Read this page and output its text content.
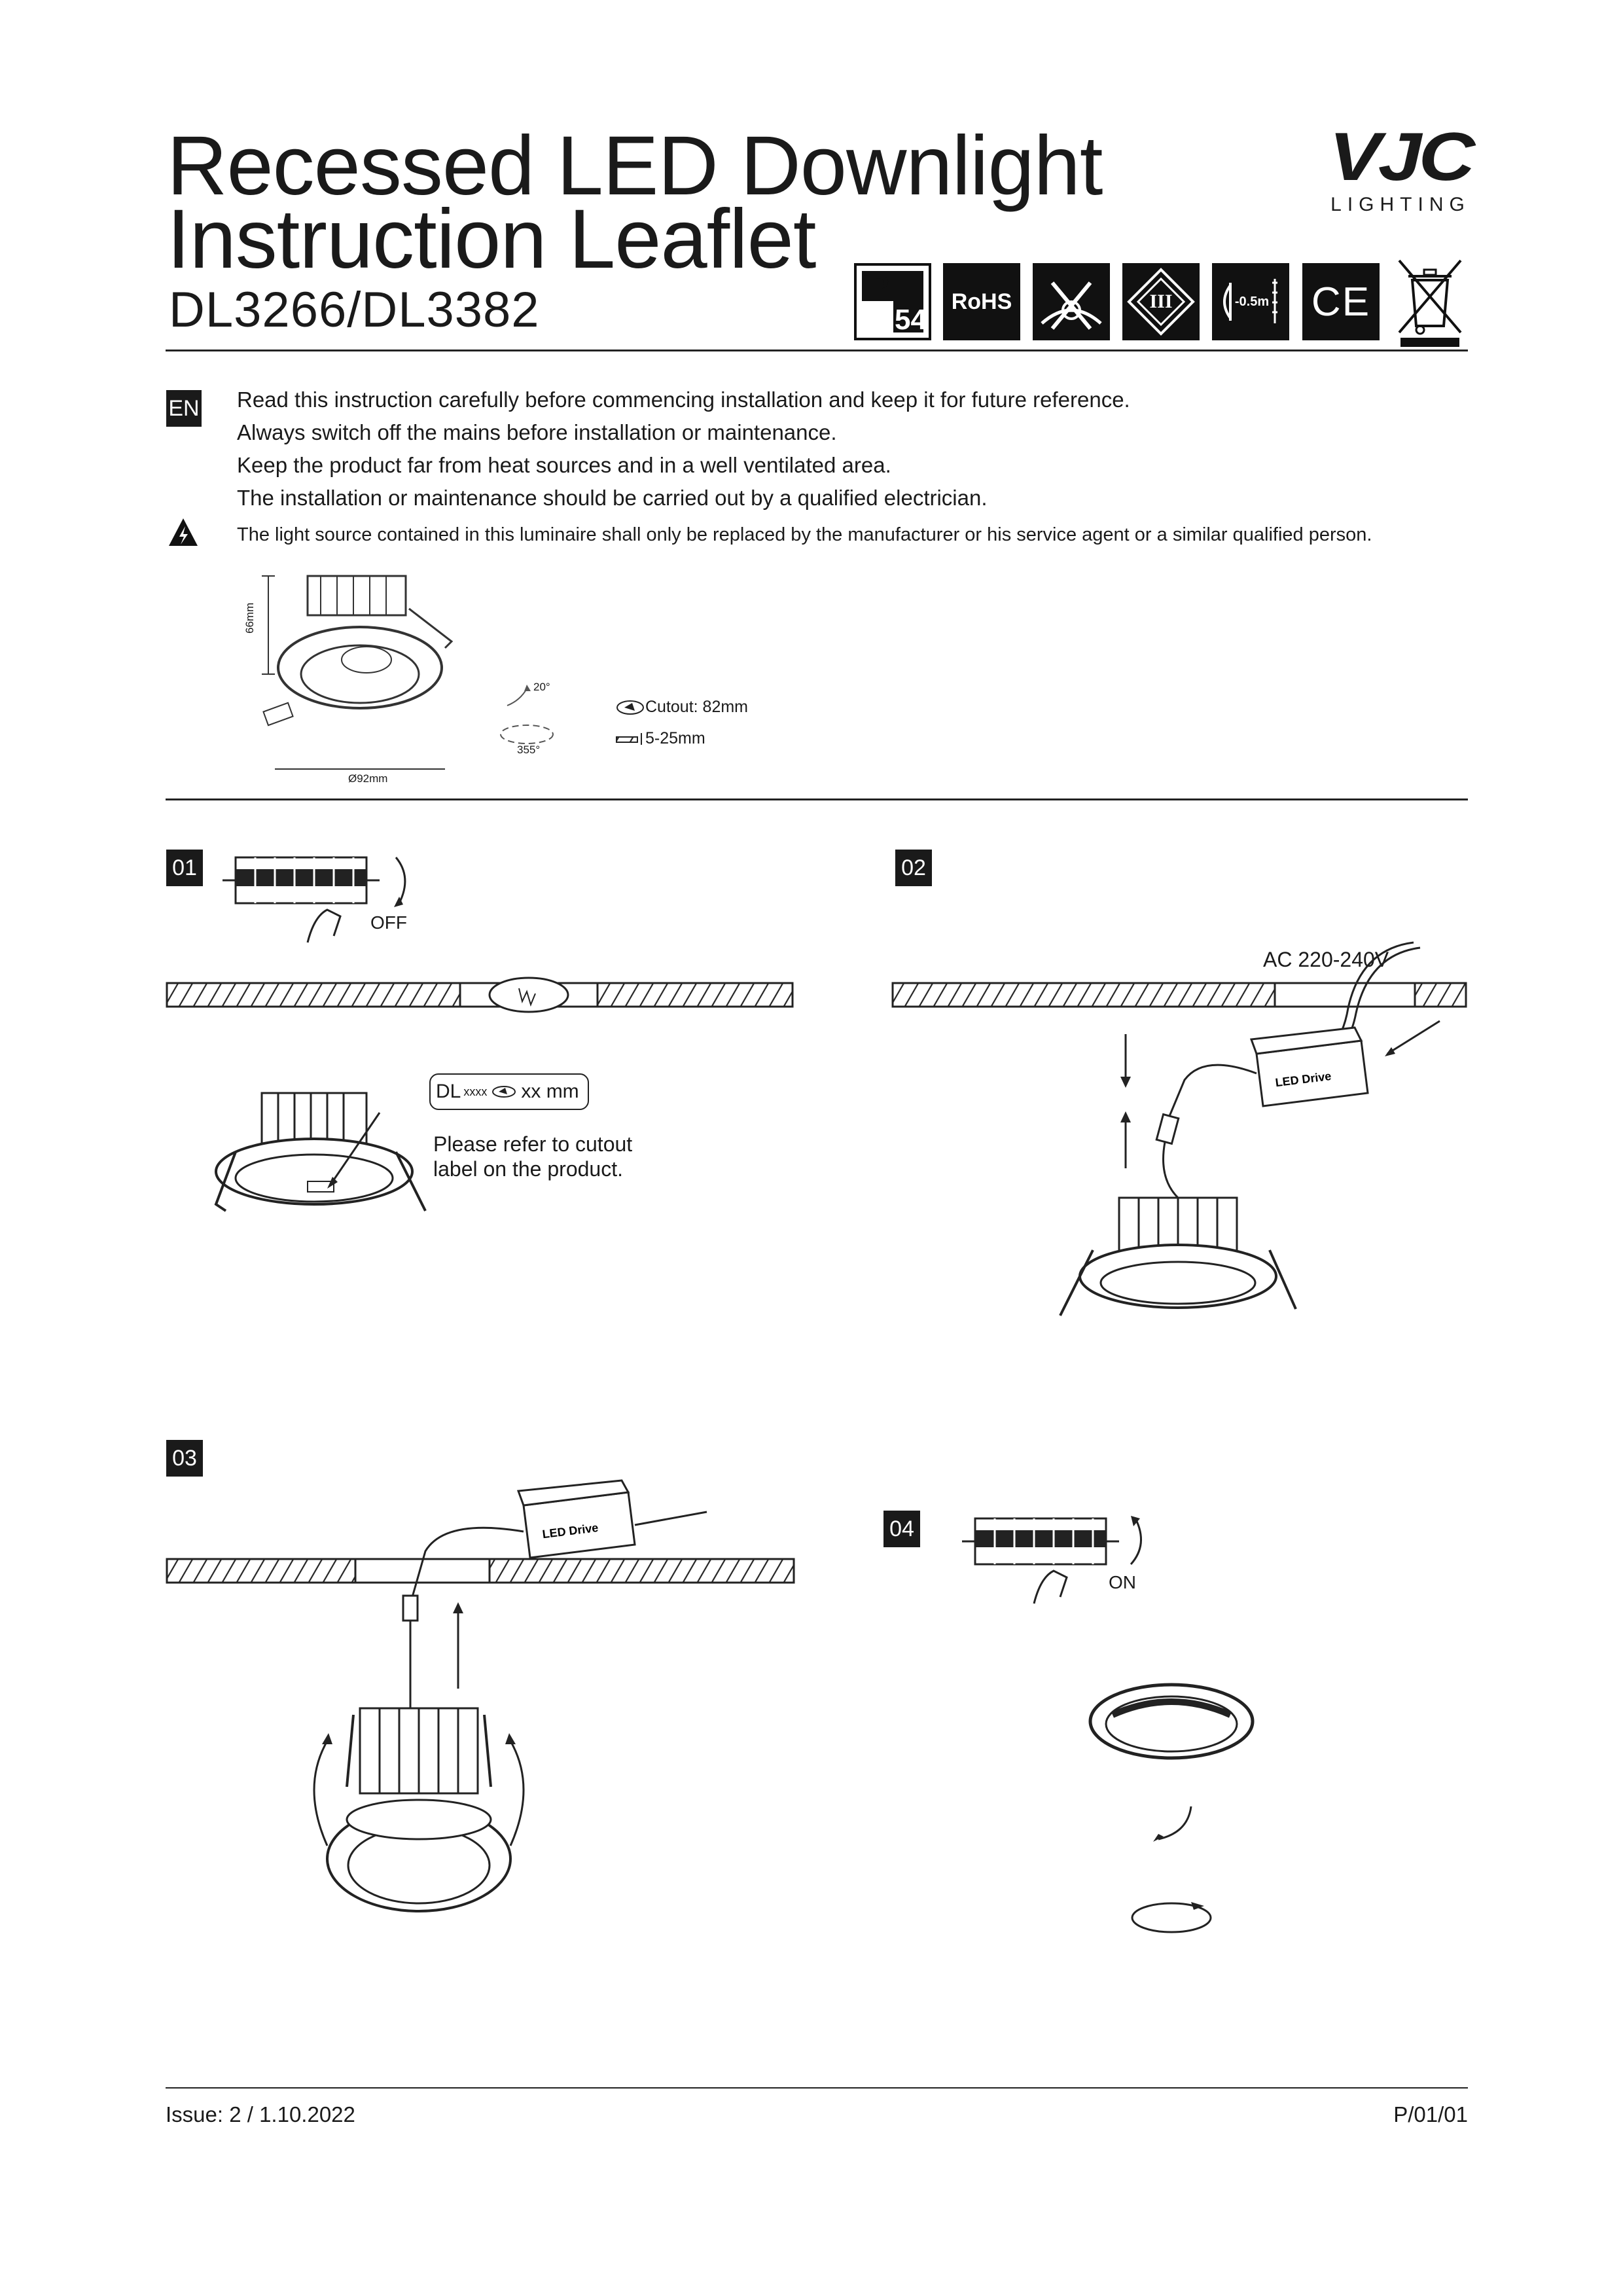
Recessed LED Downlight
Instruction Leaflet
DL3266/DL3382
VJC
LIGHTING
IP
54
RoHS	III	-0.5m CE
EN Read this instruction carefully before commencing installation and keep it for future reference.
Always switch off the mains before installation or maintenance.
Keep the product far from heat sources and in a well ventilated area.
The installation or maintenance should be carried out by a qualified electrician.
The light source contained in this luminaire shall only be replaced by the manufacturer or his service agent or a similar qualified person.
66mm
Ø92mm
20°
355°
Cutout: 82mm
5-25mm
01
OFF
DL xxxx xx mm
Please refer to cutout
label on the product.
02
AC 220-240V
LED Drive
03
LED Drive	04
ON
Issue: 2 / 1.10.2022	P/01/01
